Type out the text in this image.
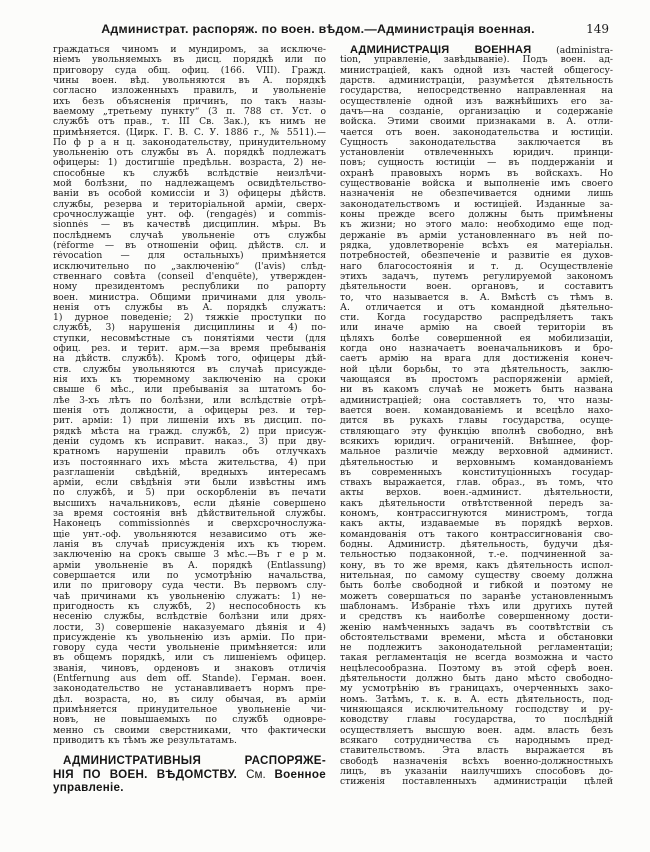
Администрат. распоряж. по воен. вѣдом.—Администрація военная.	149
граждаться чиномъ и мундиромъ, за исключе-
ніемъ увольняемыхъ въ дисц. порядкѣ или по
приговору суда общ. офиц. (166. VIII). Гражд.
чины воен. вѣд. увольняются въ А. порядкѣ
согласно изложенныхъ правилъ, и увольненіе
ихъ безъ объясненія причинъ, по такъ назы-
ваемому „третьему пункту“ (3 п. 788 ст. Уст. о
службѣ отъ прав., т. III Св. Зак.), къ нимъ не
примѣняется. (Цирк. Г. В. С. У. 1886 г., № 5511).—
По ф р а н ц. законодательству, принудительному
увольненію отъ службы въ А. порядкѣ подлежатъ
офицеры: 1) достигшіе предѣльн. возраста, 2) не-
способные къ службѣ вслѣдствіе неизлѣчи-
мой болѣзни, по надлежащемъ освидѣтельство-
ваніи въ особой комиссіи и 3) офицеры дѣйств.
службы, резерва и територіальной арміи, сверх-
срочнослужащіе унт. оф. (rengagés) и commis-
sionnés — въ качествѣ дисциплин. мѣры. Въ
послѣднемъ случаѣ увольненіе отъ службы
(réforme — въ отношеніи офиц. дѣйств. сл. и
révocation — для остальныхъ) примѣняется
исключительно по „заключенію“ (l'avis) слѣд-
ственнаго совѣта (conseil d'enquête), утвержден-
ному президентомъ республики по рапорту
воен. министра. Общими причинами для уволь-
ненія отъ службы въ А. порядкѣ служатъ:
1) дурное поведеніе; 2) тяжкіе проступки по
службѣ, 3) нарушенія дисциплины и 4) по-
ступки, несовмѣстные съ понятіями чести (для
офиц. рез. и терит. арм.—за время пребыванія
на дѣйств. службѣ). Кромѣ того, офицеры дѣй-
ств. службы увольняются въ случаѣ присужде-
нія ихъ къ тюремному заключенію на сроки
свыше 6 мѣс., или пребыванія за штатомъ бо-
лѣе 3-хъ лѣтъ по болѣзни, или вслѣдствіе отрѣ-
шенія отъ должности, а офицеры рез. и тер-
рит. арміи: 1) при лишеніи ихъ въ дисцип. по-
рядкѣ мѣста на гражд. службѣ, 2) при присуж-
деніи судомъ къ исправит. наказ., 3) при дву-
кратномъ нарушеніи правилъ объ отлучкахъ
изъ постояннаго ихъ мѣста жительства, 4) при
разглашеніи свѣдѣній, вредныхъ интересамъ
арміи, если свѣдѣнія эти были извѣстны имъ
по службѣ, и 5) при оскорбленіи въ печати
высшихъ начальниковъ, если дѣяніе совершено
за время состоянія внѣ дѣйствительной службы.
Наконецъ commissionnés и сверхсрочнослужа-
щіе унт.-оф. увольняются независимо отъ же-
ланія въ случаѣ присужденія ихъ къ тюрем.
заключенію на срокъ свыше 3 мѣс.—Въ г е р м.
арміи увольненіе въ А. порядкѣ (Entlassung)
совершается или по усмотрѣнію начальства,
или по приговору суда чести. Въ первомъ слу-
чаѣ причинами къ увольненію служатъ: 1) не-
пригодность къ службѣ, 2) неспособность къ
несенію службы, вслѣдствіе болѣзни или дрях-
лости, 3) совершеніе наказуемаго дѣянія и 4)
присужденіе къ увольненію изъ арміи. По при-
говору суда чести увольненіе примѣняется: или
въ общемъ порядкѣ, или съ лишеніемъ офицер.
званія, чиновъ, орденовъ и знаковъ отличія
(Entfernung aus dem off. Stande). Герман. воен.
законодательство не устанавливаетъ нормъ пре-
дѣл. возраста, но, въ силу обычая, въ арміи
примѣняется принудительное увольненіе чи-
новъ, не повышаемыхъ по службѣ одновре-
менно съ своими сверстниками, что фактически
приводитъ къ тѣмъ же результатамъ.
АДМИНИСТРАТИВНЫЯ РАСПОРЯЖЕ-
НІЯ ПО ВОЕН. ВѢДОМСТВУ. См. Военное
управленіе.
АДМИНИСТРАЦІЯ ВОЕННАЯ (administra-
tion, управленіе, завѣдываніе). Подъ воен. ад-
министраціей, какъ одной изъ частей общегосу-
дарств. администраціи, разумѣется дѣятельность
государства, непосредственно направленная на
осуществленіе одной изъ важнѣйшихъ его за-
дачъ—на созданіе, организацію и содержаніе
войска. Этими своими признаками в. А. отли-
чается отъ воен. законодательства и юстиціи.
Сущность законодательства заключается въ
установленіи отвлеченныхъ юридич. принци-
повъ; сущность юстиціи — въ поддержаніи и
охранѣ правовыхъ нормъ въ войскахъ. Но
существованіе войска и выполненіе имъ своего
назначенія не обезпечивается одними лишь
законодательствомъ и юстиціей. Изданные за-
коны прежде всего должны быть примѣнены
къ жизни; но этого мало: необходимо еще под-
держаніе въ арміи установленнаго въ ней по-
рядка, удовлетвореніе всѣхъ ея матеріальн.
потребностей, обезпеченіе и развитіе ея духов-
наго благосостоянія и т. д. Осуществленіе
этихъ задачъ, путемъ регулируемой закономъ
дѣятельности воен. органовъ, и составитъ
то, что называется в. А. Вмѣстѣ съ тѣмъ в.
А. отличается и отъ командной дѣятельно-
сти. Когда государство распредѣляетъ такъ
или иначе армію на своей територіи въ
цѣляхъ болѣе совершенной ея мобилизаціи,
когда оно назначаетъ военачальниковъ и бро-
саетъ армію на врага для достиженія конеч-
ной цѣли борьбы, то эта дѣятельность, заклю-
чающаяся въ простомъ распоряженіи арміей,
ни въ какомъ случаѣ не можетъ быть названа
администраціей; она составляетъ то, что назы-
вается воен. командованіемъ и всецѣло нахо-
дится въ рукахъ главы государства, осуще-
ствляющаго эту функцію вполнѣ свободно, внѣ
всякихъ юридич. ограниченій. Внѣшнее, фор-
мальное различіе между верховной админист.
дѣятельностью и верховнымъ командованіемъ
въ современныхъ конституціонныхъ государ-
ствахъ выражается, глав. образ., въ томъ, что
акты верхов. воен.-админист. дѣятельности,
какъ дѣятельности отвѣтственной передъ за-
кономъ, контрассигнуются министромъ, тогда
какъ акты, издаваемые въ порядкѣ верхов.
командованія отъ такого контрассигнованія сво-
бодны. Администр. дѣятельность, будучи дѣя-
тельностью подзаконной, т.-е. подчиненной за-
кону, въ то же время, какъ дѣятельность испол-
нительная, по самому существу своему должна
быть болѣе свободной и гибкой и поэтому не
можетъ совершаться по заранѣе установленнымъ
шаблонамъ. Избраніе тѣхъ или другихъ путей
и средствъ къ наиболѣе совершенному дости-
женію намѣченныхъ задачъ въ соотвѣтствіи съ
обстоятельствами времени, мѣста и обстановки
не подлежитъ законодательной регламентаціи;
такая регламентація не всегда возможна и часто
нецѣлесообразна. Поэтому въ этой сферѣ воен.
дѣятельности должно быть дано мѣсто свободно-
му усмотрѣнію въ границахъ, очерченныхъ зако-
номъ. Затѣмъ, т. к. в. А. есть дѣятельность, под-
чиняющаяся исключительному господству и ру-
ководству главы государства, то послѣдній
осуществляетъ высшую воен. адм. власть безъ
всякаго сотрудничества съ народнымъ пред-
ставительствомъ. Эта власть выражается въ
свободѣ назначенія всѣхъ военно-должностныхъ
лицъ, въ указаніи наилучшихъ способовъ до-
стиженія поставленныхъ администраціи цѣлей
